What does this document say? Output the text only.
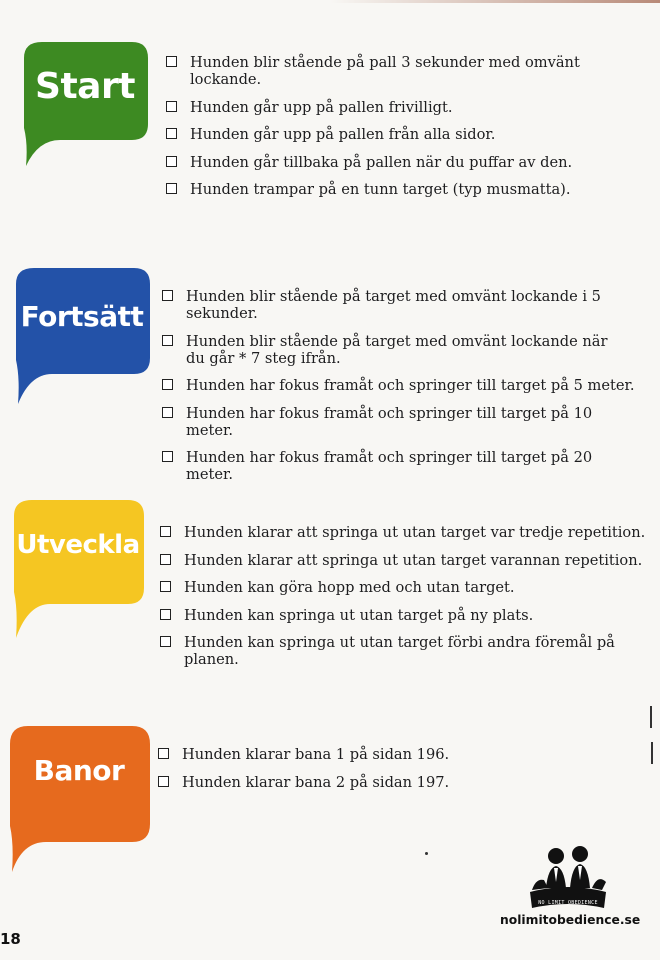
Start
Hunden blir stående på pall 3 sekunder med omvänt lockande.
Hunden går upp på pallen frivilligt.
Hunden går upp på pallen från alla sidor.
Hunden går tillbaka på pallen när du puffar av den.
Hunden trampar på en tunn target (typ musmatta).
Fortsätt
Hunden blir stående på target med omvänt lockande i 5 sekunder.
Hunden blir stående på target med omvänt lockande när du går * 7 steg ifrån.
Hunden har fokus framåt och springer till target på 5 meter.
Hunden har fokus framåt och springer till target på 10 meter.
Hunden har fokus framåt och springer till target på 20 meter.
Utveckla	Hunden klarar att springa ut utan target var tredje repetition.
Hunden klarar att springa ut utan target varannan repetition.
Hunden kan göra hopp med och utan target.
Hunden kan springa ut utan target på ny plats.
Hunden kan springa ut utan target förbi andra föremål på planen.
Banor	Hunden klarar bana 1 på sidan 196.
Hunden klarar bana 2 på sidan 197.
NO LIMIT OBEDIENCE
nolimitobedience.se
18
